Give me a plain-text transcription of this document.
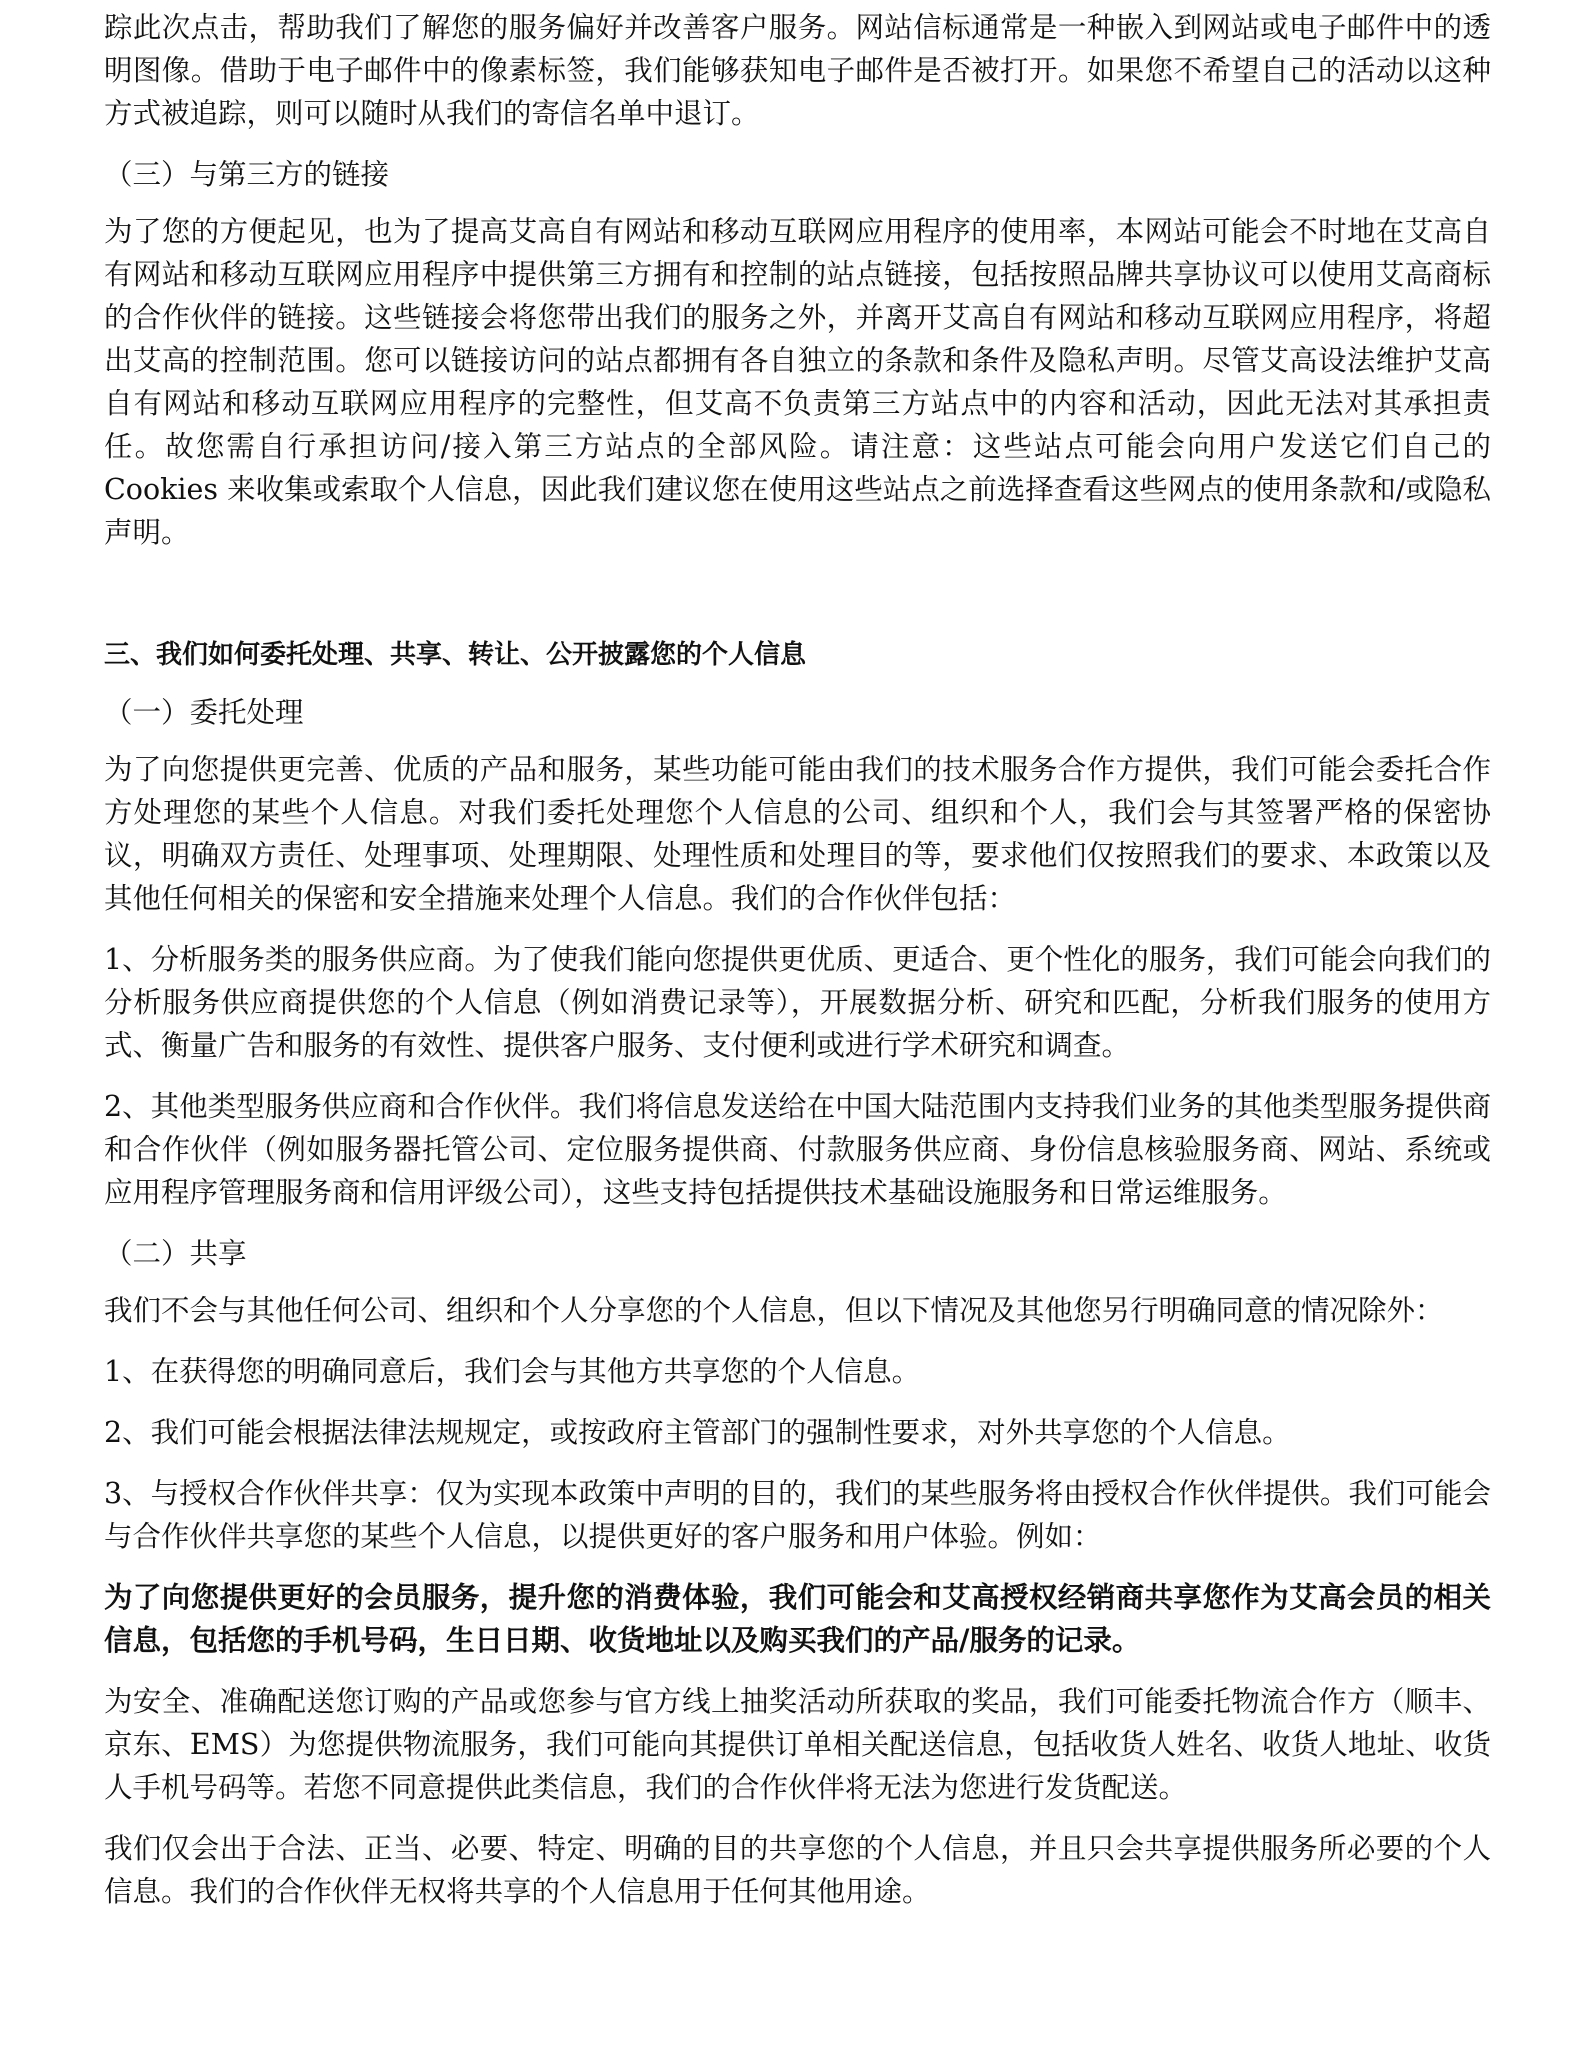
踪此次点击，帮助我们了解您的服务偏好并改善客户服务。网站信标通常是一种嵌入到网站或电子邮件中的透明图像。借助于电子邮件中的像素标签，我们能够获知电子邮件是否被打开。如果您不希望自己的活动以这种方式被追踪，则可以随时从我们的寄信名单中退订。

（三）与第三方的链接

为了您的方便起见，也为了提高艾高自有网站和移动互联网应用程序的使用率，本网站可能会不时地在艾高自有网站和移动互联网应用程序中提供第三方拥有和控制的站点链接，包括按照品牌共享协议可以使用艾高商标的合作伙伴的链接。这些链接会将您带出我们的服务之外，并离开艾高自有网站和移动互联网应用程序，将超出艾高的控制范围。您可以链接访问的站点都拥有各自独立的条款和条件及隐私声明。尽管艾高设法维护艾高自有网站和移动互联网应用程序的完整性，但艾高不负责第三方站点中的内容和活动，因此无法对其承担责任。故您需自行承担访问/接入第三方站点的全部风险。请注意：这些站点可能会向用户发送它们自己的 Cookies 来收集或索取个人信息，因此我们建议您在使用这些站点之前选择查看这些网点的使用条款和/或隐私声明。

三、我们如何委托处理、共享、转让、公开披露您的个人信息

（一）委托处理

为了向您提供更完善、优质的产品和服务，某些功能可能由我们的技术服务合作方提供，我们可能会委托合作方处理您的某些个人信息。对我们委托处理您个人信息的公司、组织和个人，我们会与其签署严格的保密协议，明确双方责任、处理事项、处理期限、处理性质和处理目的等，要求他们仅按照我们的要求、本政策以及其他任何相关的保密和安全措施来处理个人信息。我们的合作伙伴包括：

1、分析服务类的服务供应商。为了使我们能向您提供更优质、更适合、更个性化的服务，我们可能会向我们的分析服务供应商提供您的个人信息（例如消费记录等），开展数据分析、研究和匹配，分析我们服务的使用方式、衡量广告和服务的有效性、提供客户服务、支付便利或进行学术研究和调查。

2、其他类型服务供应商和合作伙伴。我们将信息发送给在中国大陆范围内支持我们业务的其他类型服务提供商和合作伙伴（例如服务器托管公司、定位服务提供商、付款服务供应商、身份信息核验服务商、网站、系统或应用程序管理服务商和信用评级公司），这些支持包括提供技术基础设施服务和日常运维服务。

（二）共享

我们不会与其他任何公司、组织和个人分享您的个人信息，但以下情况及其他您另行明确同意的情况除外：

1、在获得您的明确同意后，我们会与其他方共享您的个人信息。

2、我们可能会根据法律法规规定，或按政府主管部门的强制性要求，对外共享您的个人信息。

3、与授权合作伙伴共享：仅为实现本政策中声明的目的，我们的某些服务将由授权合作伙伴提供。我们可能会与合作伙伴共享您的某些个人信息，以提供更好的客户服务和用户体验。例如：

为了向您提供更好的会员服务，提升您的消费体验，我们可能会和艾高授权经销商共享您作为艾高会员的相关信息，包括您的手机号码，生日日期、收货地址以及购买我们的产品/服务的记录。

为安全、准确配送您订购的产品或您参与官方线上抽奖活动所获取的奖品，我们可能委托物流合作方（顺丰、京东、EMS）为您提供物流服务，我们可能向其提供订单相关配送信息，包括收货人姓名、收货人地址、收货人手机号码等。若您不同意提供此类信息，我们的合作伙伴将无法为您进行发货配送。

我们仅会出于合法、正当、必要、特定、明确的目的共享您的个人信息，并且只会共享提供服务所必要的个人信息。我们的合作伙伴无权将共享的个人信息用于任何其他用途。
